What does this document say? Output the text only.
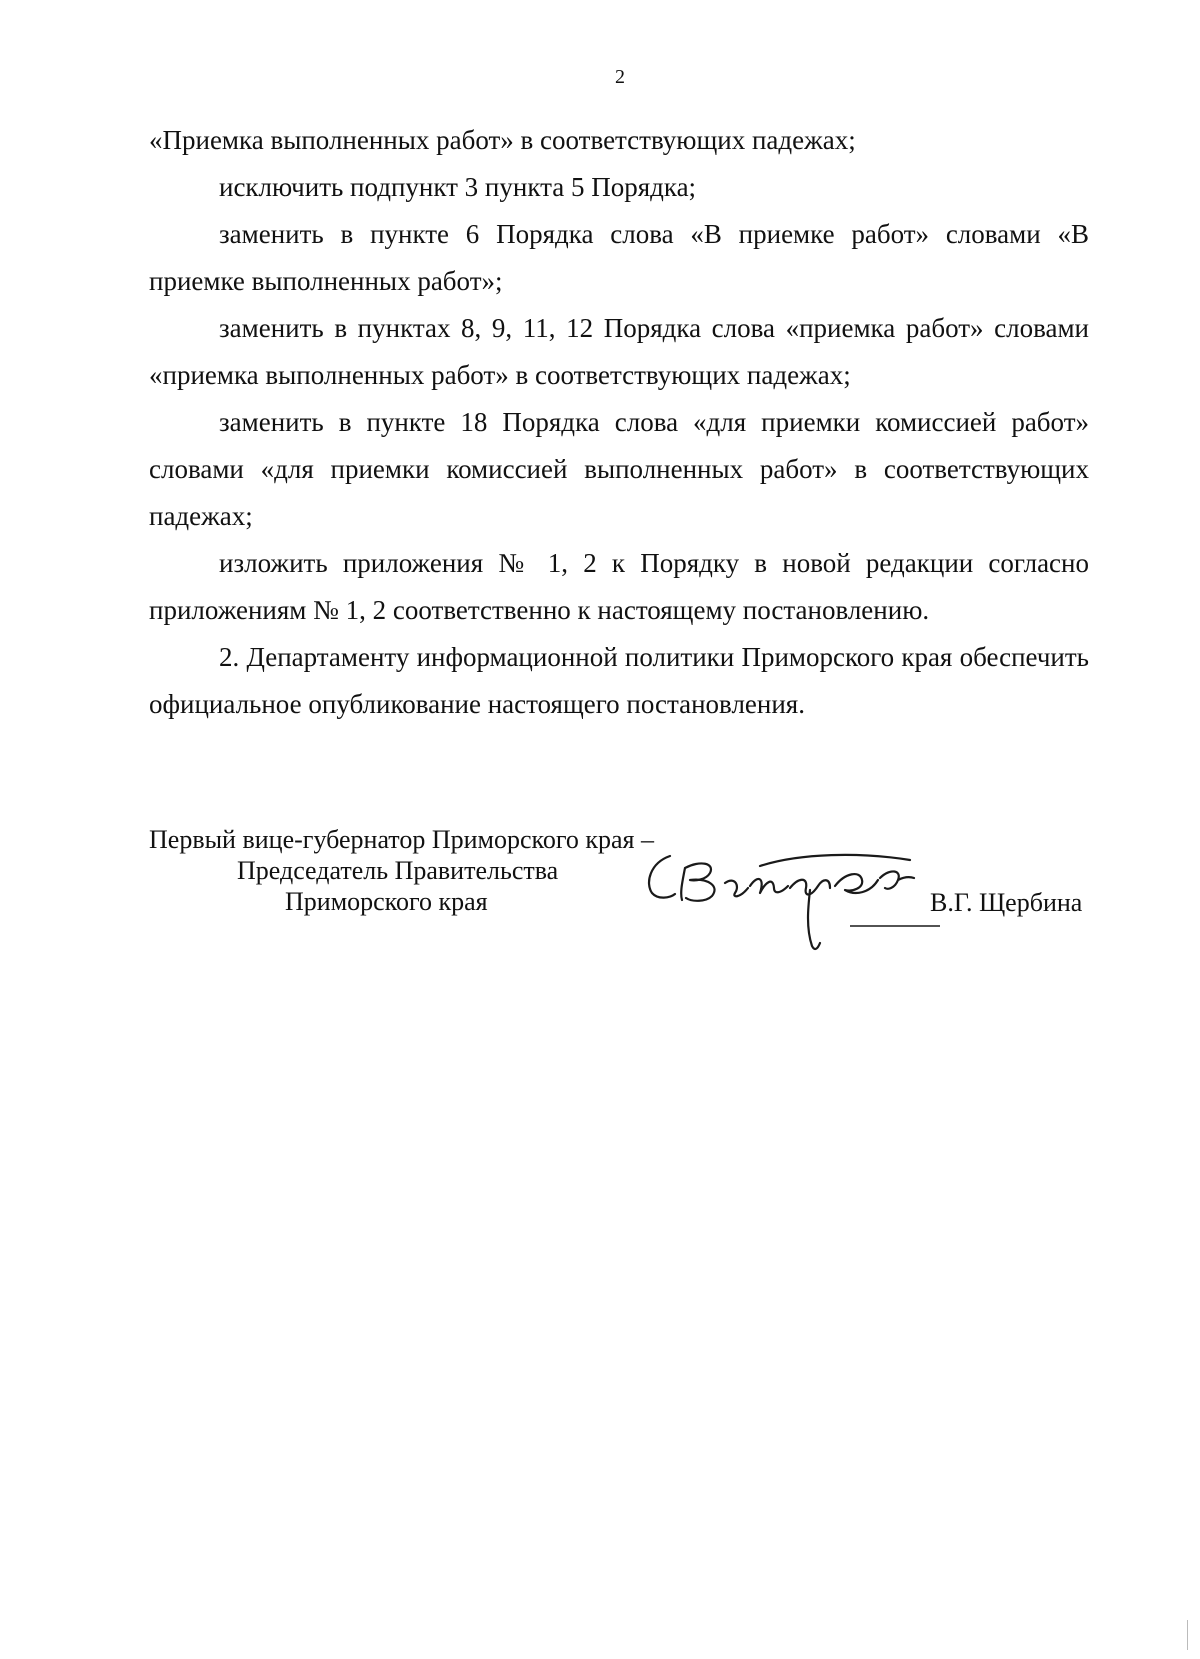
2

«Приемка выполненных работ» в соответствующих падежах;

исключить подпункт 3 пункта 5 Порядка;

заменить в пункте 6 Порядка слова «В приемке работ» словами «В приемке выполненных работ»;

заменить в пунктах 8, 9, 11, 12 Порядка слова «приемка работ» словами «приемка выполненных работ» в соответствующих падежах;

заменить в пункте 18 Порядка слова «для приемки комиссией работ» словами «для приемки комиссией выполненных работ» в соответствующих падежах;

изложить приложения № 1, 2 к Порядку в новой редакции согласно приложениям № 1, 2 соответственно к настоящему постановлению.

2. Департаменту информационной политики Приморского края обеспечить официальное опубликование настоящего постановления.

Первый вице-губернатор Приморского края –
Председатель Правительства
Приморского края	В.Г. Щербина
